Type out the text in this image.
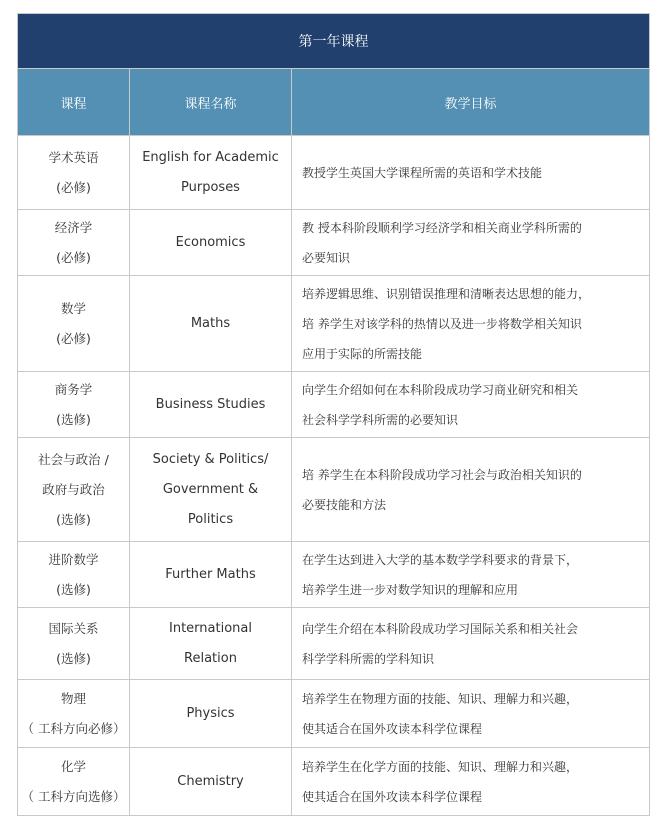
第一年课程		
课程	课程名称	教学目标

学术英语
(必修)	English for Academic
Purposes	教授学生英国大学课程所需的英语和学术技能

经济学
(必修)	Economics	教 授本科阶段顺利学习经济学和相关商业学科所需的
必要知识

数学
(必修)	Maths	培养逻辑思维、识别错误推理和清晰表达思想的能力，
培 养学生对该学科的热情以及进一步将数学相关知识
应用于实际的所需技能

商务学
(选修)	Business Studies	向学生介绍如何在本科阶段成功学习商业研究和相关
社会科学学科所需的必要知识

社会与政治 /
政府与政治
(选修)	Society & Politics/
Government &
Politics	培 养学生在本科阶段成功学习社会与政治相关知识的
必要技能和方法

进阶数学
(选修)	Further Maths	在学生达到进入大学的基本数学学科要求的背景下，
培养学生进一步对数学知识的理解和应用

国际关系
(选修)	International
Relation	向学生介绍在本科阶段成功学习国际关系和相关社会
科学学科所需的学科知识

物理
（ 工科方向必修）	Physics	培养学生在物理方面的技能、知识、理解力和兴趣，
使其适合在国外攻读本科学位课程

化学
（ 工科方向选修）	Chemistry	培养学生在化学方面的技能、知识、理解力和兴趣，
使其适合在国外攻读本科学位课程
